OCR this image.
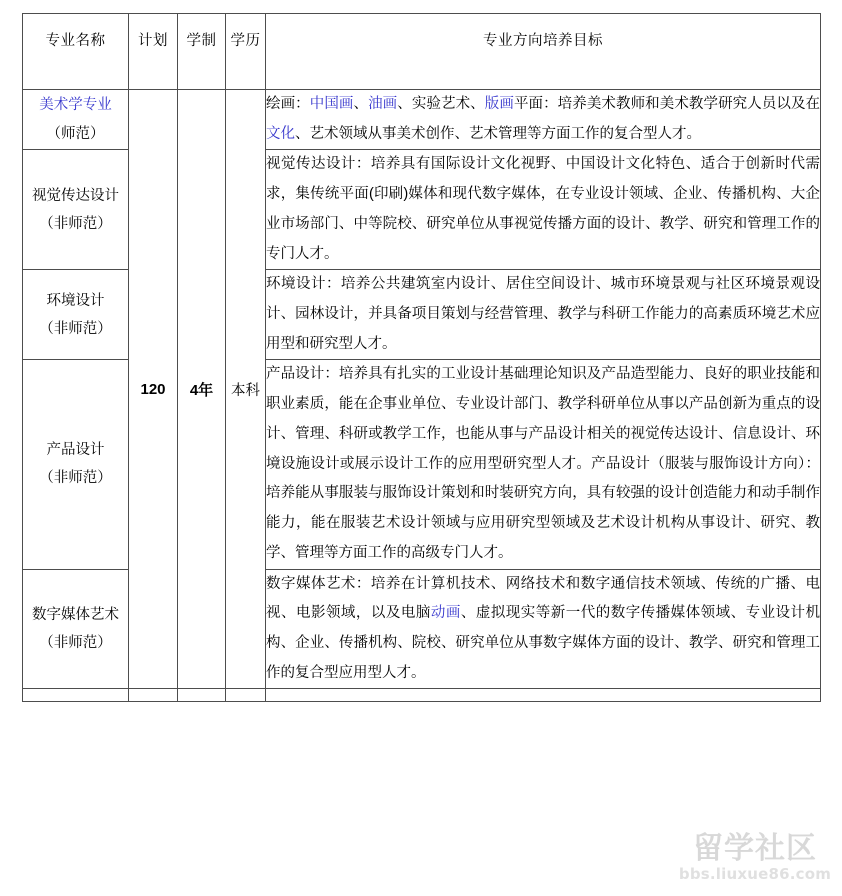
专业名称	计划	学制	学历	专业方向培养目标

美术学专业
（师范）	120	4年	本科	绘画：中国画、油画、实验艺术、版画平面：培养美术教师和美术教学研究人员以及在文化、艺术领域从事美术创作、艺术管理等方面工作的复合型人才。

视觉传达设计
（非师范）				视觉传达设计：培养具有国际设计文化视野、中国设计文化特色、适合于创新时代需求，集传统平面(印刷)媒体和现代数字媒体，在专业设计领域、企业、传播机构、大企业市场部门、中等院校、研究单位从事视觉传播方面的设计、教学、研究和管理工作的专门人才。

环境设计
（非师范）				环境设计：培养公共建筑室内设计、居住空间设计、城市环境景观与社区环境景观设计、园林设计，并具备项目策划与经营管理、教学与科研工作能力的高素质环境艺术应用型和研究型人才。

产品设计
（非师范）				产品设计：培养具有扎实的工业设计基础理论知识及产品造型能力、良好的职业技能和职业素质，能在企事业单位、专业设计部门、教学科研单位从事以产品创新为重点的设计、管理、科研或教学工作，也能从事与产品设计相关的视觉传达设计、信息设计、环境设施设计或展示设计工作的应用型研究型人才。产品设计（服装与服饰设计方向）：培养能从事服装与服饰设计策划和时装研究方向，具有较强的设计创造能力和动手制作能力，能在服装艺术设计领域与应用研究型领域及艺术设计机构从事设计、研究、教学、管理等方面工作的高级专门人才。

数字媒体艺术
（非师范）				数字媒体艺术：培养在计算机技术、网络技术和数字通信技术领域、传统的广播、电视、电影领域，以及电脑动画、虚拟现实等新一代的数字传播媒体领域、专业设计机构、企业、传播机构、院校、研究单位从事数字媒体方面的设计、教学、研究和管理工作的复合型应用型人才。

留学社区
bbs.liuxue86.com
